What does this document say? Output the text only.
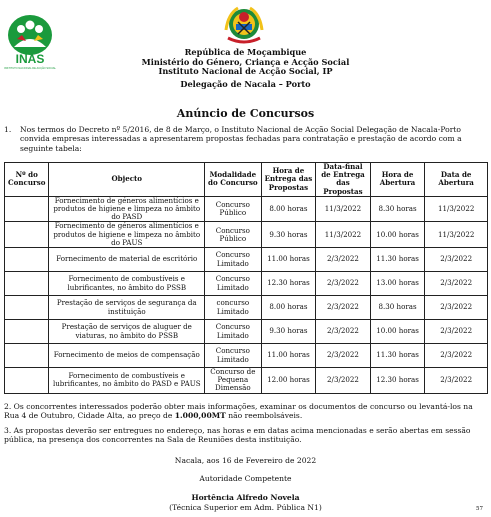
INAS
INSTITUTO NACIONAL DE ACÇÃO SOCIAL
República de Moçambique
Ministério do Género, Criança e Acção Social
Instituto Nacional de Acção Social, IP
Delegação de Nacala – Porto
Anúncio de Concursos
1. Nos termos do Decreto nº 5/2016, de 8 de Março, o Instituto Nacional de Acção Social Delegação de Nacala-Porto convida empresas interessadas a apresentarem propostas fechadas para contratação e prestação de acordo com a seguinte tabela:
Nº do Concurso	Objecto	Modalidade do Concurso	Hora de Entrega das Propostas	Data-final de Entrega das Propostas	Hora de Abertura	Data de Abertura
	Fornecimento de géneros alimentícios e produtos de higiene e limpeza no âmbito do PASD	Concurso Público	8.00 horas	11/3/2022	8.30 horas	11/3/2022
	Fornecimento de géneros alimentícios e produtos de higiene e limpeza no âmbito do PAUS	Concurso Público	9.30 horas	11/3/2022	10.00 horas	11/3/2022
	Fornecimento de material de escritório	Concurso Limitado	11.00 horas	2/3/2022	11.30 horas	2/3/2022
	Fornecimento de combustíveis e lubrificantes, no âmbito do PSSB	Concurso Limitado	12.30 horas	2/3/2022	13.00 horas	2/3/2022
	Prestação de serviços de segurança da instituição	concurso Limitado	8.00 horas	2/3/2022	8.30 horas	2/3/2022
	Prestação de serviços de aluguer de viaturas, no âmbito do PSSB	Concurso Limitado	9.30 horas	2/3/2022	10.00 horas	2/3/2022
	Fornecimento de meios de compensação	Concurso Limitado	11.00 horas	2/3/2022	11.30 horas	2/3/2022
	Fornecimento de combustíveis e lubrificantes, no âmbito do PASD e PAUS	Concurso de Pequena Dimensão	12.00 horas	2/3/2022	12.30 horas	2/3/2022
2. Os concorrentes interessados poderão obter mais informações, examinar os documentos de concurso ou levantá-los na Rua 4 de Outubro, Cidade Alta, ao preço de 1.000,00MT não reembolsáveis.
3. As propostas deverão ser entregues no endereço, nas horas e em datas acima mencionadas e serão abertas em sessão pública, na presença dos concorrentes na Sala de Reuniões desta instituição.
Nacala, aos 16 de Fevereiro de 2022
Autoridade Competente
Hortência Alfredo Novela
(Técnica Superior em Adm. Pública N1)	57
